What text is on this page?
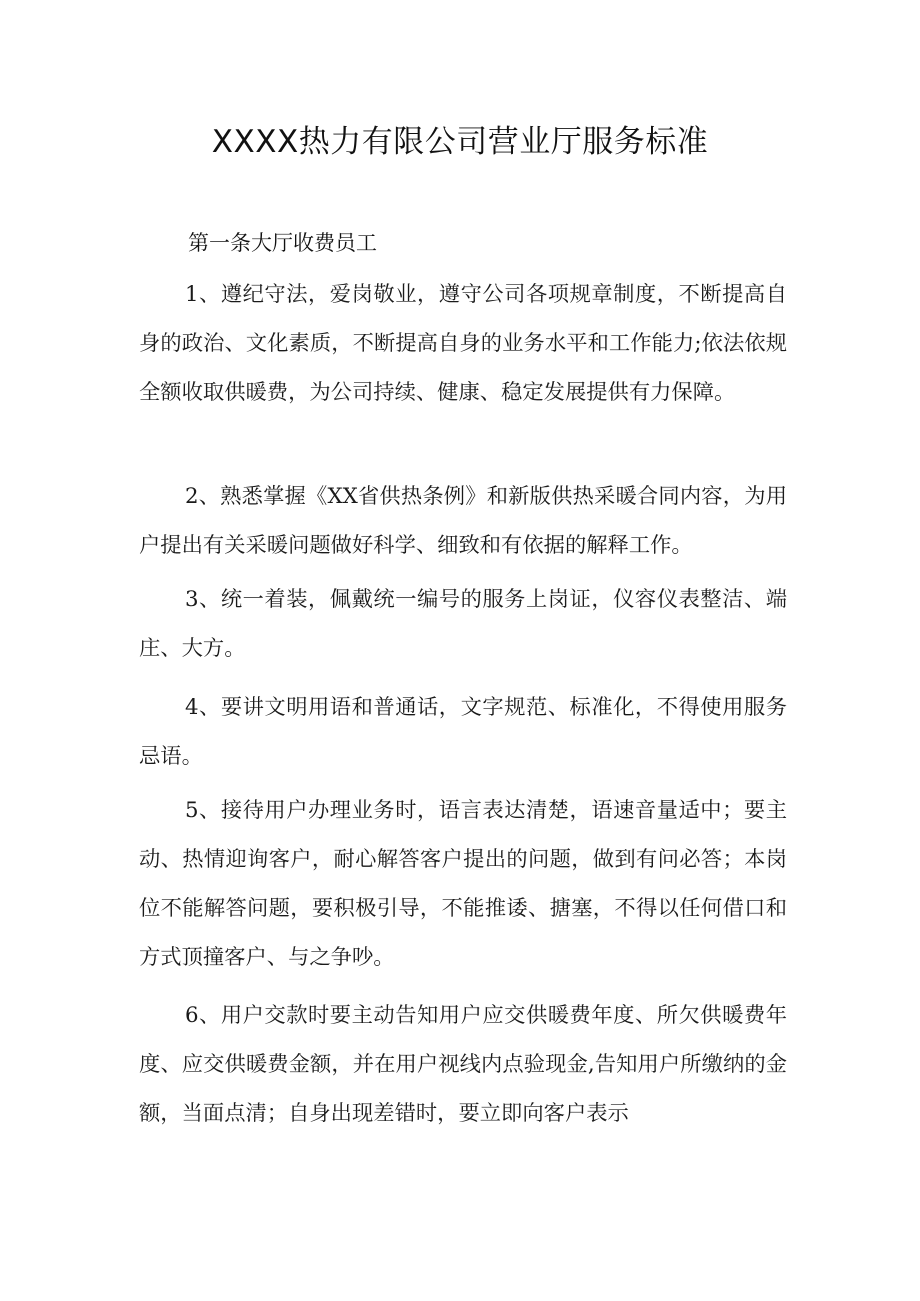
XXXX热力有限公司营业厅服务标准
第一条大厅收费员工

1、遵纪守法，爱岗敬业，遵守公司各项规章制度，不断提高自身的政治、文化素质，不断提高自身的业务水平和工作能力;依法依规全额收取供暖费，为公司持续、健康、稳定发展提供有力保障。

2、熟悉掌握《XX省供热条例》和新版供热采暖合同内容，为用户提出有关采暖问题做好科学、细致和有依据的解释工作。

3、统一着装，佩戴统一编号的服务上岗证，仪容仪表整洁、端庄、大方。

4、要讲文明用语和普通话，文字规范、标准化，不得使用服务忌语。

5、接待用户办理业务时，语言表达清楚，语速音量适中；要主动、热情迎询客户，耐心解答客户提出的问题，做到有问必答；本岗位不能解答问题，要积极引导，不能推诿、搪塞，不得以任何借口和方式顶撞客户、与之争吵。

6、用户交款时要主动告知用户应交供暖费年度、所欠供暖费年度、应交供暖费金额，并在用户视线内点验现金,告知用户所缴纳的金额，当面点清；自身出现差错时，要立即向客户表示
